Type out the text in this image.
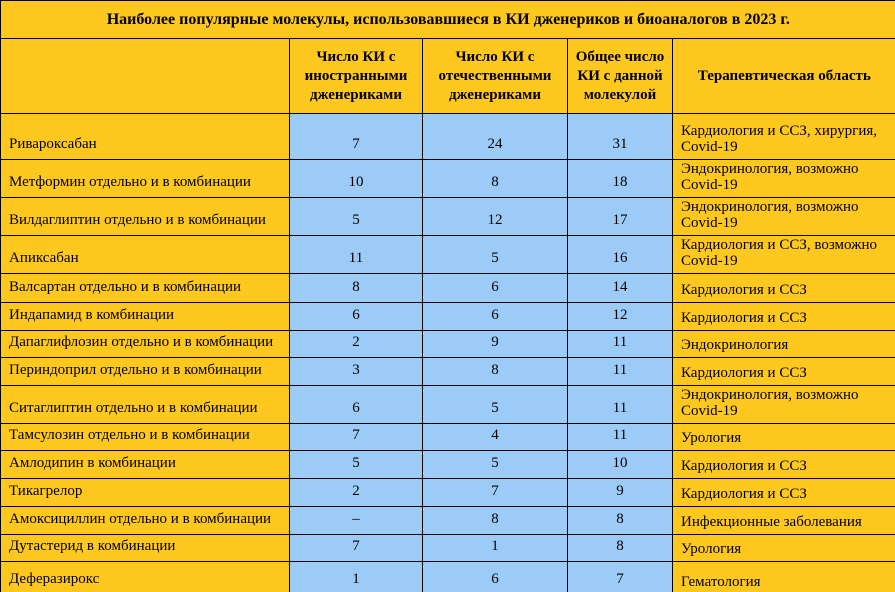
Наиболее популярные молекулы, использовавшиеся в КИ дженериков и биоаналогов в 2023 г.				
	Число КИ с иностранными дженериками	Число КИ с отечественными дженериками	Общее число КИ с данной молекулой	Терапевтическая область
Ривароксабан	7	24	31	Кардиология и ССЗ, хирургия, Covid-19
Метформин отдельно и в комбинации	10	8	18	Эндокринология, возможно Covid-19
Вилдаглиптин отдельно и в комбинации	5	12	17	Эндокринология, возможно Covid-19
Апиксабан	11	5	16	Кардиология и ССЗ, возможно Covid-19
Валсартан отдельно и в комбинации	8	6	14	Кардиология и ССЗ
Индапамид в комбинации	6	6	12	Кардиология и ССЗ
Дапаглифлозин отдельно и в комбинации	2	9	11	Эндокринология
Периндоприл отдельно и в комбинации	3	8	11	Кардиология и ССЗ
Ситаглиптин отдельно и в комбинации	6	5	11	Эндокринология, возможно Covid-19
Тамсулозин отдельно и в комбинации	7	4	11	Урология
Амлодипин в комбинации	5	5	10	Кардиология и ССЗ
Тикагрелор	2	7	9	Кардиология и ССЗ
Амоксициллин отдельно и в комбинации	–	8	8	Инфекционные заболевания
Дутастерид в комбинации	7	1	8	Урология
Деферазирокс	1	6	7	Гематология
